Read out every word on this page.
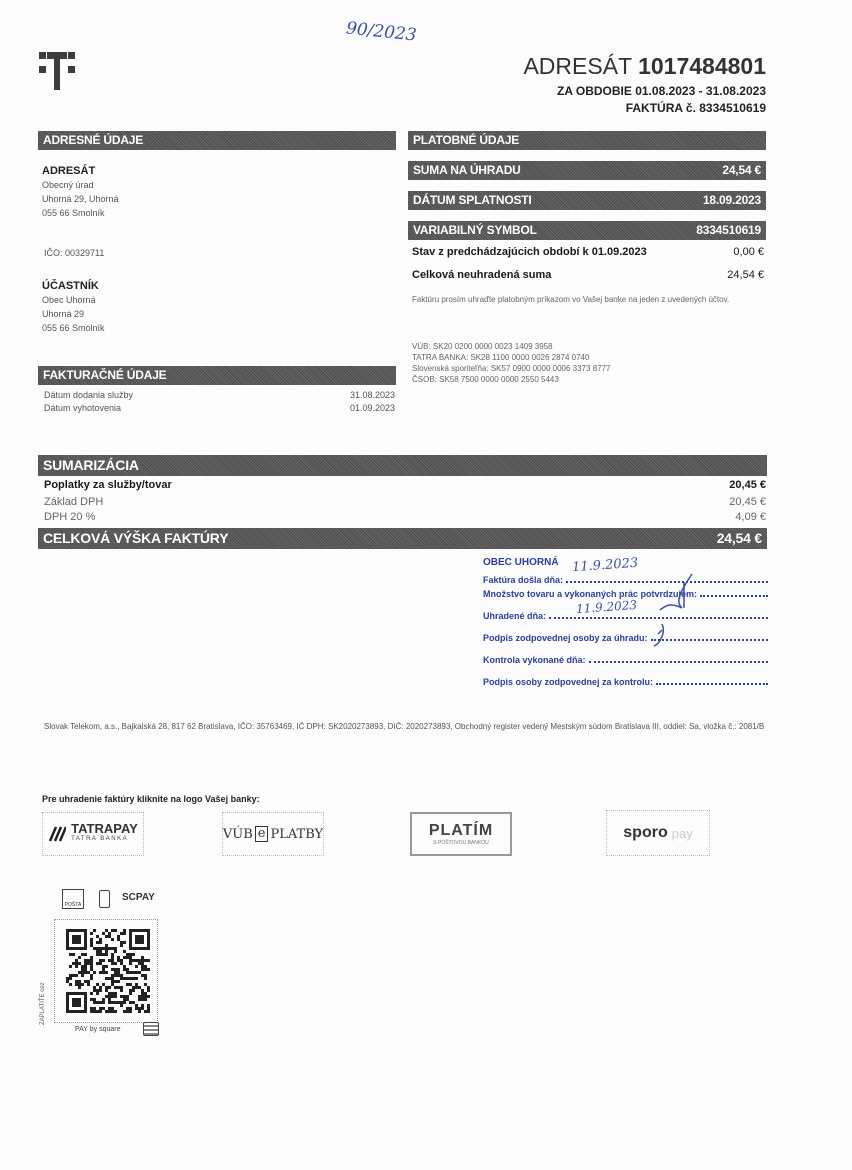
90/2023
ADRESÁT 1017484801
ZA OBDOBIE 01.08.2023 - 31.08.2023
FAKTÚRA č. 8334510619
ADRESNÉ ÚDAJE
ADRESÁT
Obecný úrad
Uhorná 29, Uhorná
055 66 Smolník
IČO: 00329711
ÚČASTNÍK
Obec Uhorná
Uhorná 29
055 66 Smolník
FAKTURAČNÉ ÚDAJE
Dátum dodania služby	31.08.2023
Dátum vyhotovenia	01.09.2023
PLATOBNÉ ÚDAJE
SUMA NA ÚHRADU	24,54 €
DÁTUM SPLATNOSTI	18.09.2023
VARIABILNÝ SYMBOL	8334510619
Stav z predchádzajúcich období k 01.09.2023	0,00 €
Celková neuhradená suma	24,54 €
Faktúru prosím uhraďte platobným príkazom vo Vašej banke na jeden z uvedených účtov.
VÚB: SK20 0200 0000 0023 1409 3958
TATRA BANKA: SK28 1100 0000 0026 2874 0740
Slovenská sporiteľňa: SK57 0900 0000 0006 3373 8777
ČSOB: SK58 7500 0000 0000 2550 5443
SUMARIZÁCIA
Poplatky za služby/tovar	20,45 €
Základ DPH	20,45 €
DPH 20 %	4,09 €
CELKOVÁ VÝŠKA FAKTÚRY	24,54 €
OBEC UHORNÁ
Faktúra došla dňa:
Množstvo tovaru a vykonaných prác potvrdzujem:
Uhradené dňa:
Podpis zodpovednej osoby za úhradu:
Kontrola vykonané dňa:
Podpis osoby zodpovednej za kontrolu:
11.9.2023
11.9.2023
Slovak Telekom, a.s., Bajkalská 28, 817 62 Bratislava, IČO: 35763469, IČ DPH: SK2020273893, DIČ: 2020273893, Obchodný register vedený Mestským súdom Bratislava III, oddiel: Sa, vložka č.: 2081/B
Pre uhradenie faktúry kliknite na logo Vašej banky:
TATRAPAY
TATRA BANKA	VÚB e PLATBY	PLATÍM
S POŠTOVOU BANKOU
sporo pay
POŠTA
SCPAY
ZAPLATIŤE cez
PAY by square
